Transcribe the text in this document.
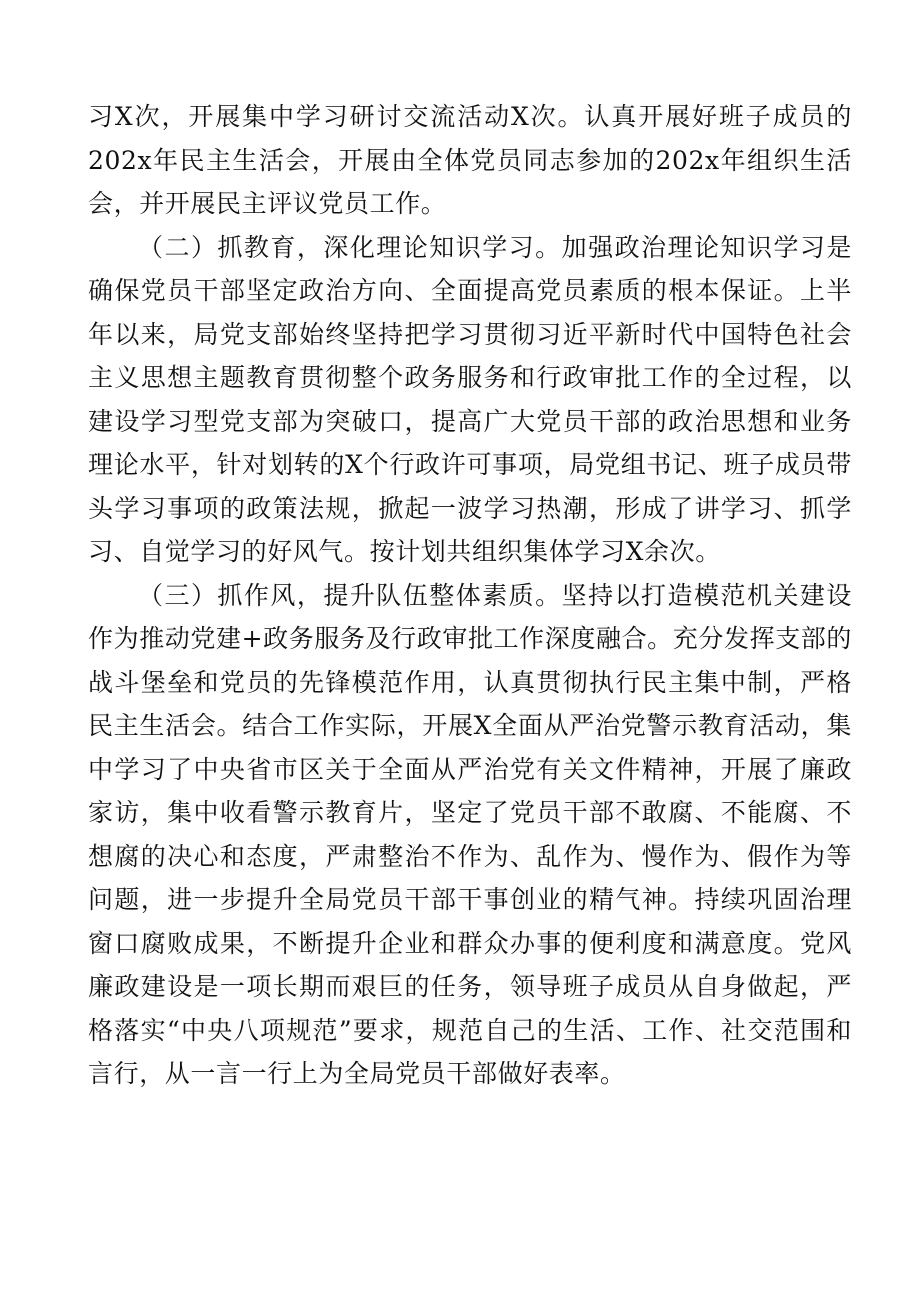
习X次，开展集中学习研讨交流活动X次。认真开展好班子成员的202x年民主生活会，开展由全体党员同志参加的202x年组织生活会，并开展民主评议党员工作。

（二）抓教育，深化理论知识学习。加强政治理论知识学习是确保党员干部坚定政治方向、全面提高党员素质的根本保证。上半年以来，局党支部始终坚持把学习贯彻习近平新时代中国特色社会主义思想主题教育贯彻整个政务服务和行政审批工作的全过程，以建设学习型党支部为突破口，提高广大党员干部的政治思想和业务理论水平，针对划转的X个行政许可事项，局党组书记、班子成员带头学习事项的政策法规，掀起一波学习热潮，形成了讲学习、抓学习、自觉学习的好风气。按计划共组织集体学习X余次。

（三）抓作风，提升队伍整体素质。坚持以打造模范机关建设作为推动党建+政务服务及行政审批工作深度融合。充分发挥支部的战斗堡垒和党员的先锋模范作用，认真贯彻执行民主集中制，严格民主生活会。结合工作实际，开展X全面从严治党警示教育活动，集中学习了中央省市区关于全面从严治党有关文件精神，开展了廉政家访，集中收看警示教育片，坚定了党员干部不敢腐、不能腐、不想腐的决心和态度，严肃整治不作为、乱作为、慢作为、假作为等问题，进一步提升全局党员干部干事创业的精气神。持续巩固治理窗口腐败成果，不断提升企业和群众办事的便利度和满意度。党风廉政建设是一项长期而艰巨的任务，领导班子成员从自身做起，严格落实“中央八项规范”要求，规范自己的生活、工作、社交范围和言行，从一言一行上为全局党员干部做好表率。
